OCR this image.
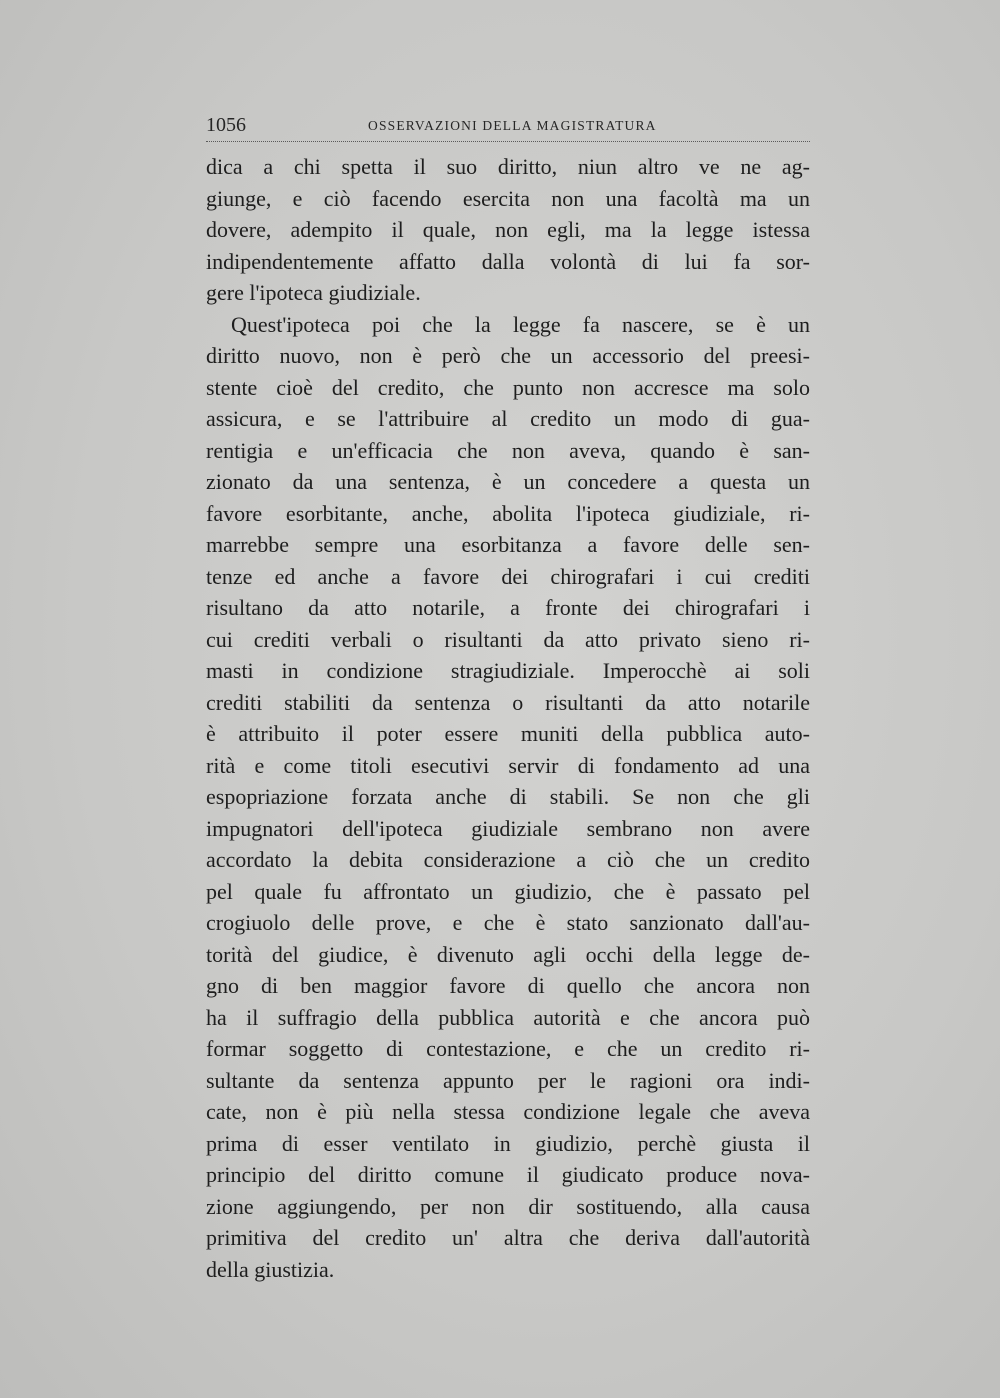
1056	OSSERVAZIONI DELLA MAGISTRATURA
dica a chi spetta il suo diritto, niun altro ve ne ag-
giunge, e ciò facendo esercita non una facoltà ma un
dovere, adempito il quale, non egli, ma la legge istessa
indipendentemente affatto dalla volontà di lui fa sor-
gere l'ipoteca giudiziale.
Quest'ipoteca poi che la legge fa nascere, se è un
diritto nuovo, non è però che un accessorio del preesi-
stente cioè del credito, che punto non accresce ma solo
assicura, e se l'attribuire al credito un modo di gua-
rentigia e un'efficacia che non aveva, quando è san-
zionato da una sentenza, è un concedere a questa un
favore esorbitante, anche, abolita l'ipoteca giudiziale, ri-
marrebbe sempre una esorbitanza a favore delle sen-
tenze ed anche a favore dei chirografari i cui crediti
risultano da atto notarile, a fronte dei chirografari i
cui crediti verbali o risultanti da atto privato sieno ri-
masti in condizione stragiudiziale. Imperocchè ai soli
crediti stabiliti da sentenza o risultanti da atto notarile
è attribuito il poter essere muniti della pubblica auto-
rità e come titoli esecutivi servir di fondamento ad una
espopriazione forzata anche di stabili. Se non che gli
impugnatori dell'ipoteca giudiziale sembrano non avere
accordato la debita considerazione a ciò che un credito
pel quale fu affrontato un giudizio, che è passato pel
crogiuolo delle prove, e che è stato sanzionato dall'au-
torità del giudice, è divenuto agli occhi della legge de-
gno di ben maggior favore di quello che ancora non
ha il suffragio della pubblica autorità e che ancora può
formar soggetto di contestazione, e che un credito ri-
sultante da sentenza appunto per le ragioni ora indi-
cate, non è più nella stessa condizione legale che aveva
prima di esser ventilato in giudizio, perchè giusta il
principio del diritto comune il giudicato produce nova-
zione aggiungendo, per non dir sostituendo, alla causa
primitiva del credito un' altra che deriva dall'autorità
della giustizia.
